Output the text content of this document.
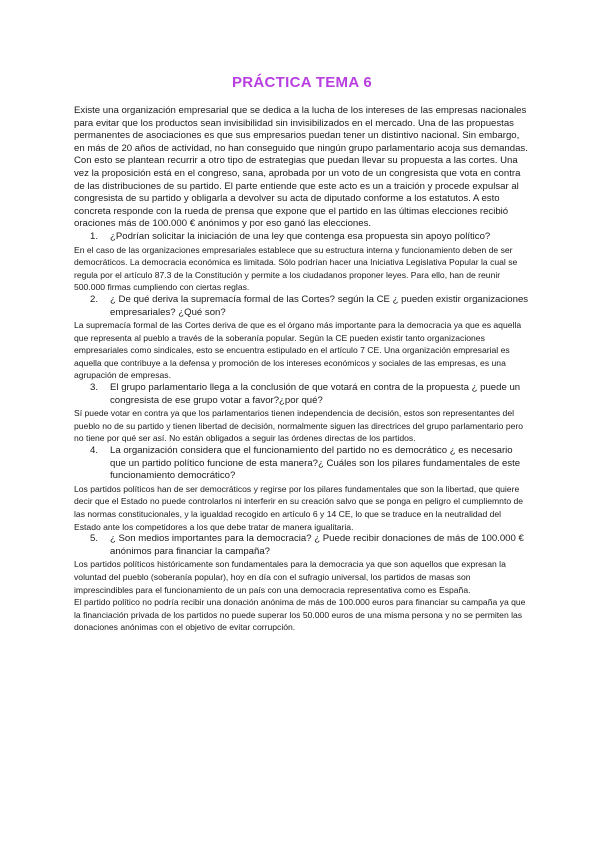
PRÁCTICA TEMA 6

Existe una organización empresarial que se dedica a la lucha de los intereses de las empresas nacionales para evitar que los productos sean invisibilidad sin invisibilizados en el mercado. Una de las propuestas permanentes de asociaciones es que sus empresarios puedan tener un distintivo nacional. Sin embargo, en más de 20 años de actividad, no han conseguido que ningún grupo parlamentario acoja sus demandas. Con esto se plantean recurrir a otro tipo de estrategias que puedan llevar su propuesta a las cortes. Una vez la proposición está en el congreso, sana, aprobada por un voto de un congresista que vota en contra de las distribuciones de su partido. El parte entiende que este acto es un a traición y procede expulsar al congresista de su partido y obligarla a devolver su acta de diputado conforme a los estatutos. A esto concreta responde con la rueda de prensa que expone que el partido en las últimas elecciones recibió oraciones más de 100.000 € anónimos y por eso ganó las elecciones.

1.	¿Podrían solicitar la iniciación de una ley que contenga esa propuesta sin apoyo político?

En el caso de las organizaciones empresariales establece que su estructura interna y funcionamiento deben de ser democráticos. La democracia económica es limitada. Sólo podrían hacer una Iniciativa Legislativa Popular la cual se regula por el artículo 87.3 de la Constitución y permite a los ciudadanos proponer leyes. Para ello, han de reunir 500.000 firmas cumpliendo con ciertas reglas.

2.	¿ De qué deriva la supremacía formal de las Cortes? según la CE ¿ pueden existir organizaciones empresariales? ¿Qué son?

La supremacía formal de las Cortes deriva de que es el órgano más importante para la democracia ya que es aquella que representa al pueblo a través de la soberanía popular. Según la CE pueden existir tanto organizaciones empresariales como sindicales, esto se encuentra estipulado en el artículo 7 CE. Una organización empresarial es aquella que contribuye a la defensa y promoción de los intereses económicos y sociales de las empresas, es una agrupación de empresas.

3.	El grupo parlamentario llega a la conclusión de que votará en contra de la propuesta ¿ puede un congresista de ese grupo votar a favor?¿por qué?

Sí puede votar en contra ya que los parlamentarios tienen independencia de decisión, estos son representantes del pueblo no de su partido y tienen libertad de decisión, normalmente siguen las directrices del grupo parlamentario pero no tiene por qué ser así. No están obligados a seguir las órdenes directas de los partidos.

4.	La organización considera que el funcionamiento del partido no es democrático ¿ es necesario que un partido político funcione de esta manera?¿ Cuáles son los pilares fundamentales de este funcionamiento democrático?

Los partidos políticos han de ser democráticos y regirse por los pilares fundamentales que son la libertad, que quiere decir que el Estado no puede controlarlos ni interferir en su creación salvo que se ponga en peligro el cumpliemnto de las normas constitucionales, y la igualdad recogido en artículo 6 y 14 CE, lo que se traduce en la neutralidad del Estado ante los competidores a los que debe tratar de manera igualitaria.

5.	¿ Son medios importantes para la democracia? ¿ Puede recibir donaciones de más de 100.000 € anónimos para financiar la campaña?

Los partidos políticos históricamente son fundamentales para la democracia ya que son aquellos que expresan la voluntad del pueblo (soberanía popular), hoy en día con el sufragio universal, los partidos de masas son imprescindibles para el funcionamiento de un país con una democracia representativa como es España.

El partido político no podría recibir una donación anónima de más de 100.000 euros para financiar su campaña ya que la financiación privada de los partidos no puede superar los 50.000 euros de una misma persona y no se permiten las donaciones anónimas con el objetivo de evitar corrupción.
